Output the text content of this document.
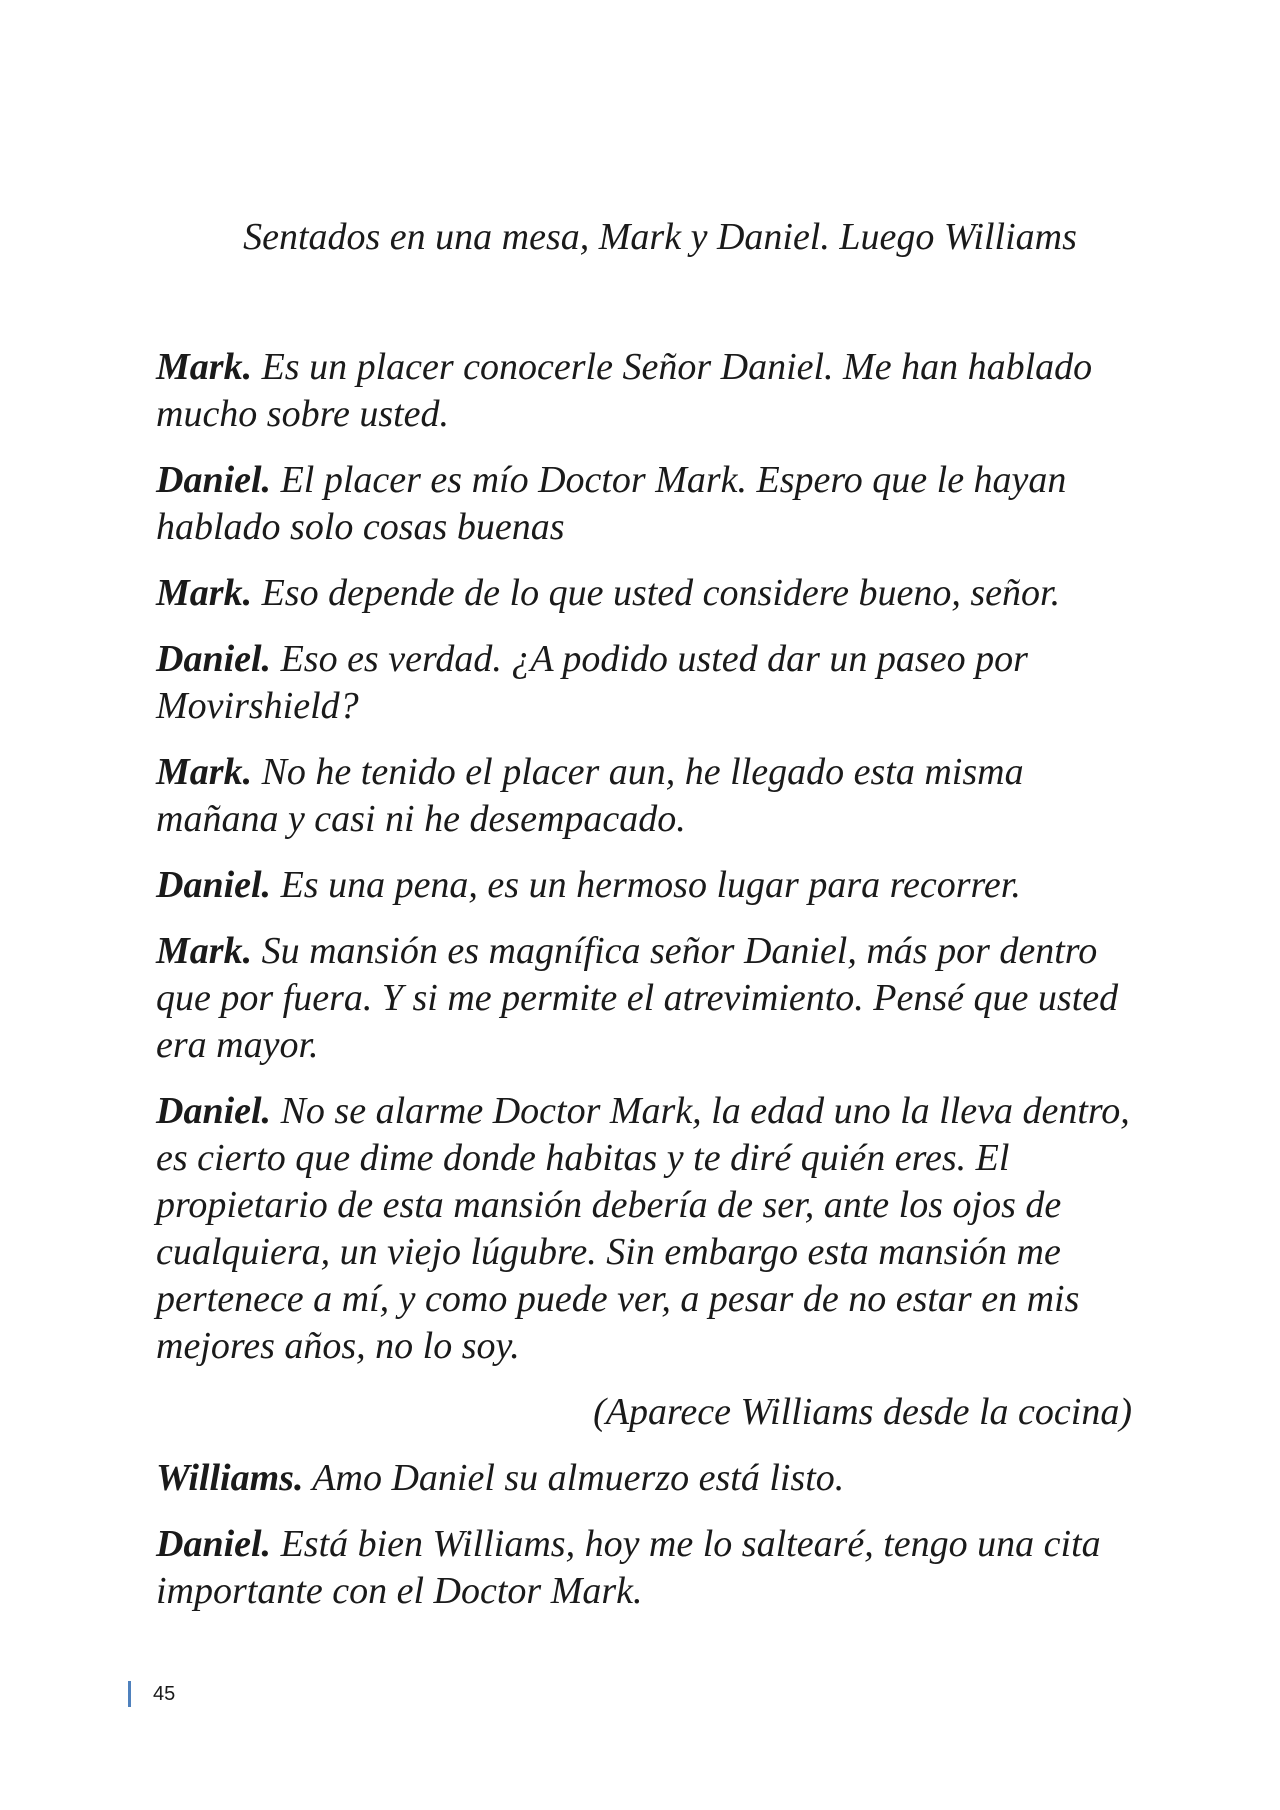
Sentados en una mesa, Mark y Daniel. Luego Williams

Mark. Es un placer conocerle Señor Daniel. Me han hablado mucho sobre usted.

Daniel. El placer es mío Doctor Mark. Espero que le hayan hablado solo cosas buenas

Mark. Eso depende de lo que usted considere bueno, señor.

Daniel. Eso es verdad. ¿A podido usted dar un paseo por Movirshield?

Mark. No he tenido el placer aun, he llegado esta misma mañana y casi ni he desempacado.

Daniel. Es una pena, es un hermoso lugar para recorrer.

Mark. Su mansión es magnífica señor Daniel, más por dentro que por fuera. Y si me permite el atrevimiento. Pensé que usted era mayor.

Daniel. No se alarme Doctor Mark, la edad uno la lleva dentro, es cierto que dime donde habitas y te diré quién eres. El propietario de esta mansión debería de ser, ante los ojos de cualquiera, un viejo lúgubre. Sin embargo esta mansión me pertenece a mí, y como puede ver, a pesar de no estar en mis mejores años, no lo soy.

(Aparece Williams desde la cocina)

Williams. Amo Daniel su almuerzo está listo.

Daniel. Está bien Williams, hoy me lo saltearé, tengo una cita importante con el Doctor Mark.

45
